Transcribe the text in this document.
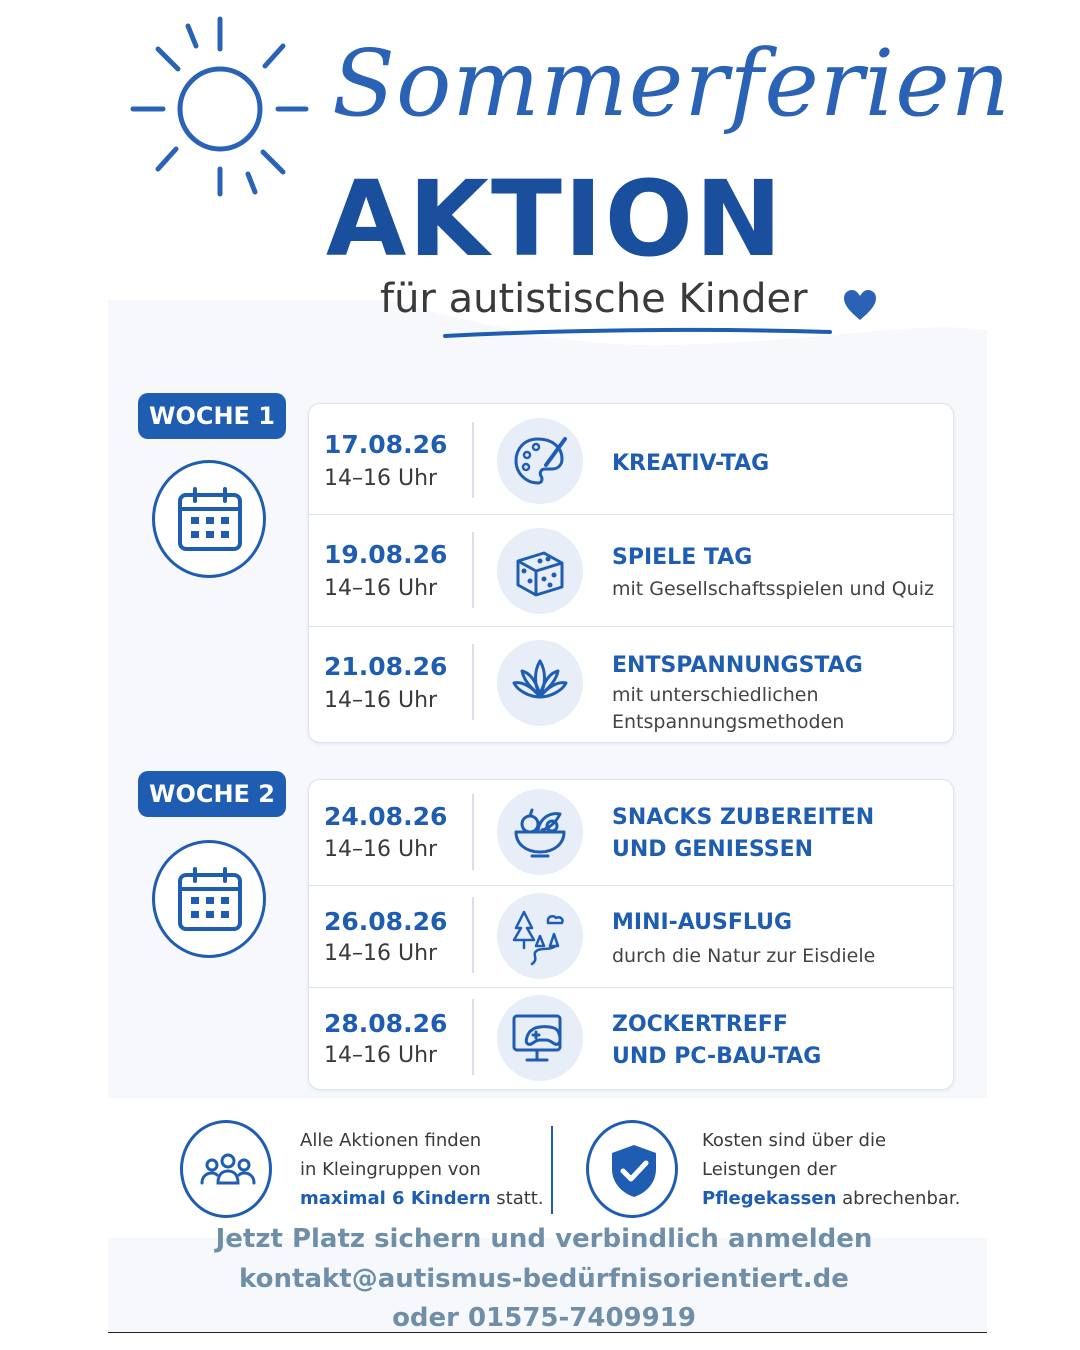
Sommerferien
AKTION
für autistische Kinder
WOCHE 1
17.08.26
14–16 Uhr
KREATIV-TAG
19.08.26
14–16 Uhr
SPIELE TAG
mit Gesellschaftsspielen und Quiz
21.08.26
14–16 Uhr
ENTSPANNUNGSTAG
mit unterschiedlichen
Entspannungsmethoden
WOCHE 2
24.08.26
14–16 Uhr
SNACKS ZUBEREITEN
UND GENIESSEN
26.08.26
14–16 Uhr
MINI-AUSFLUG
durch die Natur zur Eisdiele
28.08.26
14–16 Uhr
ZOCKERTREFF
UND PC-BAU-TAG
Alle Aktionen finden
in Kleingruppen von
maximal 6 Kindern statt.
Kosten sind über die
Leistungen der
Pflegekassen abrechenbar.
Jetzt Platz sichern und verbindlich anmelden
kontakt@autismus-bedürfnisorientiert.de
oder 01575-7409919
